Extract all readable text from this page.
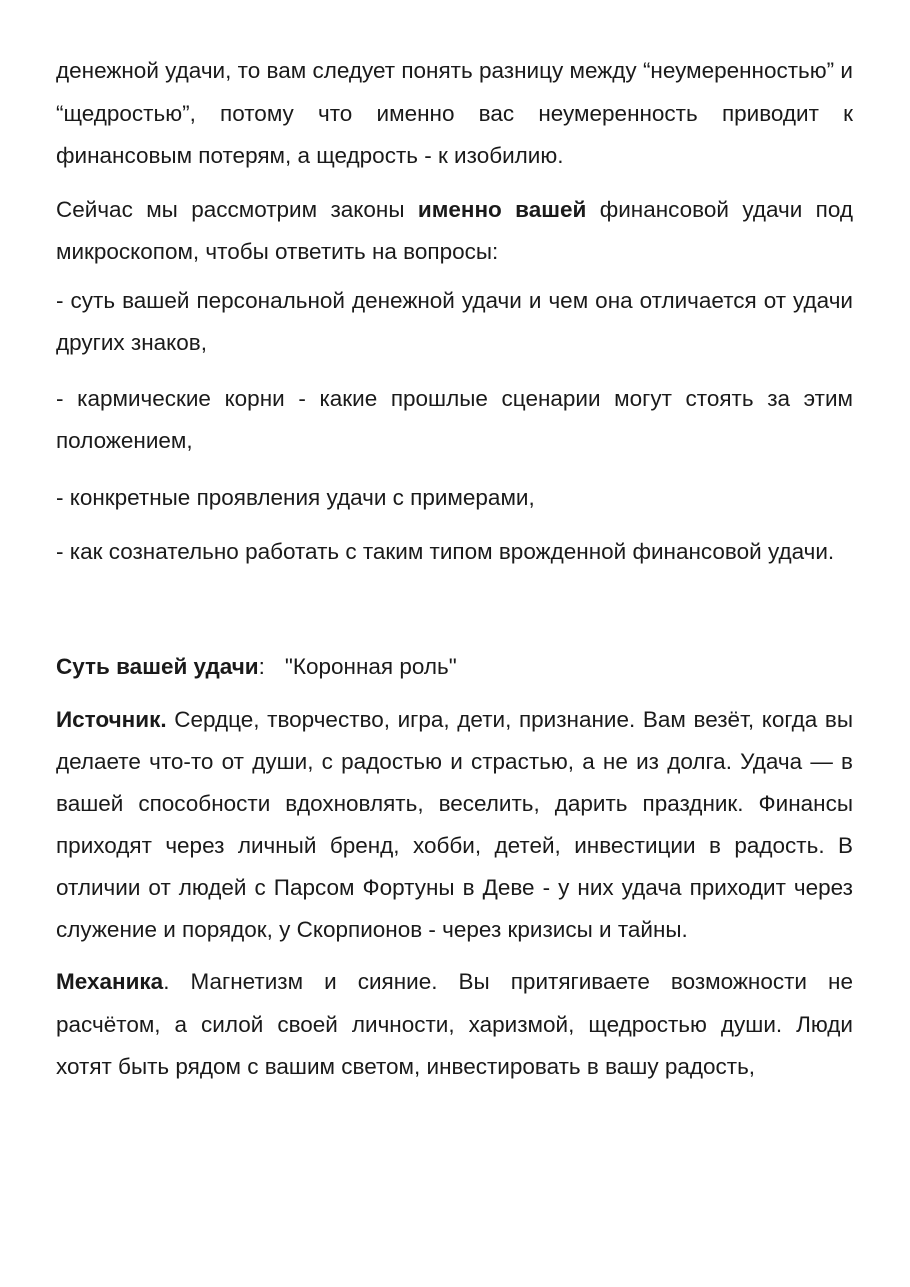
денежной удачи, то вам следует понять разницу между “неумеренностью” и “щедростью”, потому что именно вас неумеренность приводит к финансовым потерям, а щедрость - к изобилию.

Сейчас мы рассмотрим законы именно вашей финансовой удачи под микроскопом, чтобы ответить на вопросы:

- суть вашей персональной денежной удачи и чем она отличается от удачи других знаков,

- кармические корни - какие прошлые сценарии могут стоять за этим положением,

- конкретные проявления удачи с примерами,

- как сознательно работать с таким типом врожденной финансовой удачи.

Суть вашей удачи: "Коронная роль"

Источник. Сердце, творчество, игра, дети, признание. Вам везёт, когда вы делаете что-то от души, с радостью и страстью, а не из долга. Удача — в вашей способности вдохновлять, веселить, дарить праздник. Финансы приходят через личный бренд, хобби, детей, инвестиции в радость. В отличии от людей с Парсом Фортуны в Деве - у них удача приходит через служение и порядок, у Скорпионов - через кризисы и тайны.

Механика. Магнетизм и сияние. Вы притягиваете возможности не расчётом, а силой своей личности, харизмой, щедростью души. Люди хотят быть рядом с вашим светом, инвестировать в вашу радость,
